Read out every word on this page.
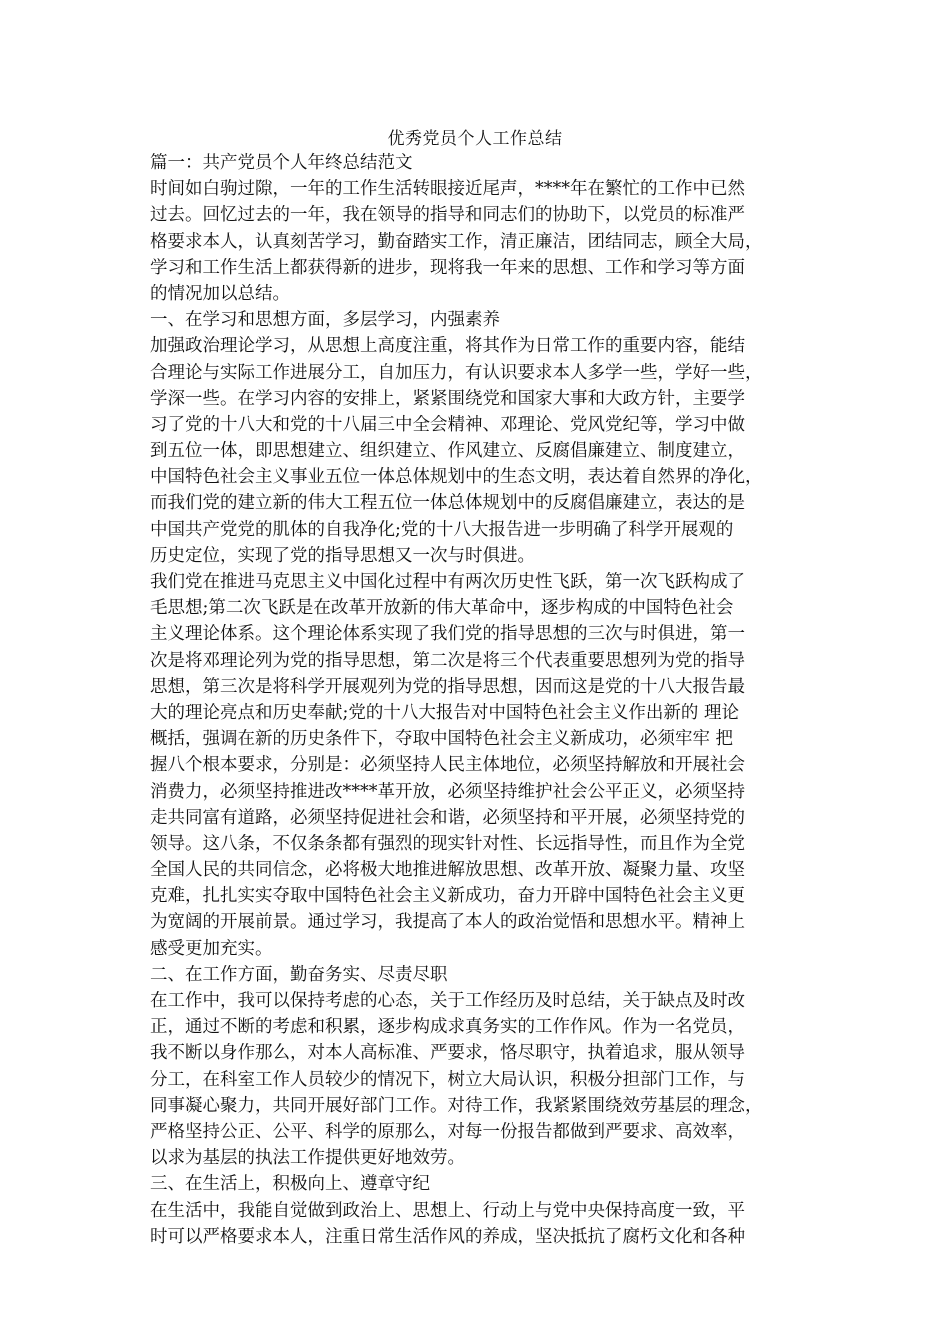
优秀党员个人工作总结
篇一：共产党员个人年终总结范文
时间如白驹过隙，一年的工作生活转眼接近尾声，****年在繁忙的工作中已然
过去。回忆过去的一年，我在领导的指导和同志们的协助下，以党员的标准严
格要求本人，认真刻苦学习，勤奋踏实工作，清正廉洁，团结同志，顾全大局，
学习和工作生活上都获得新的进步，现将我一年来的思想、工作和学习等方面
的情况加以总结。
一、在学习和思想方面，多层学习，内强素养
加强政治理论学习，从思想上高度注重，将其作为日常工作的重要内容，能结
合理论与实际工作进展分工，自加压力，有认识要求本人多学一些，学好一些，
学深一些。在学习内容的安排上，紧紧围绕党和国家大事和大政方针，主要学
习了党的十八大和党的十八届三中全会精神、邓理论、党风党纪等，学习中做
到五位一体，即思想建立、组织建立、作风建立、反腐倡廉建立、制度建立，
中国特色社会主义事业五位一体总体规划中的生态文明，表达着自然界的净化，
而我们党的建立新的伟大工程五位一体总体规划中的反腐倡廉建立，表达的是
中国共产党党的肌体的自我净化;党的十八大报告进一步明确了科学开展观的
历史定位，实现了党的指导思想又一次与时俱进。
我们党在推进马克思主义中国化过程中有两次历史性飞跃，第一次飞跃构成了
毛思想;第二次飞跃是在改革开放新的伟大革命中，逐步构成的中国特色社会
主义理论体系。这个理论体系实现了我们党的指导思想的三次与时俱进，第一
次是将邓理论列为党的指导思想，第二次是将三个代表重要思想列为党的指导
思想，第三次是将科学开展观列为党的指导思想，因而这是党的十八大报告最
大的理论亮点和历史奉献;党的十八大报告对中国特色社会主义作出新的 理论
概括，强调在新的历史条件下，夺取中国特色社会主义新成功，必须牢牢 把
握八个根本要求，分别是：必须坚持人民主体地位，必须坚持解放和开展社会
消费力，必须坚持推进改****革开放，必须坚持维护社会公平正义，必须坚持
走共同富有道路，必须坚持促进社会和谐，必须坚持和平开展，必须坚持党的
领导。这八条，不仅条条都有强烈的现实针对性、长远指导性，而且作为全党
全国人民的共同信念，必将极大地推进解放思想、改革开放、凝聚力量、攻坚
克难，扎扎实实夺取中国特色社会主义新成功，奋力开辟中国特色社会主义更
为宽阔的开展前景。通过学习，我提高了本人的政治觉悟和思想水平。精神上
感受更加充实。
二、在工作方面，勤奋务实、尽责尽职
在工作中，我可以保持考虑的心态，关于工作经历及时总结，关于缺点及时改
正，通过不断的考虑和积累，逐步构成求真务实的工作作风。作为一名党员，
我不断以身作那么，对本人高标准、严要求，恪尽职守，执着追求，服从领导
分工，在科室工作人员较少的情况下，树立大局认识，积极分担部门工作，与
同事凝心聚力，共同开展好部门工作。对待工作，我紧紧围绕效劳基层的理念，
严格坚持公正、公平、科学的原那么，对每一份报告都做到严要求、高效率，
以求为基层的执法工作提供更好地效劳。
三、在生活上，积极向上、遵章守纪
在生活中，我能自觉做到政治上、思想上、行动上与党中央保持高度一致，平
时可以严格要求本人，注重日常生活作风的养成，坚决抵抗了腐朽文化和各种
